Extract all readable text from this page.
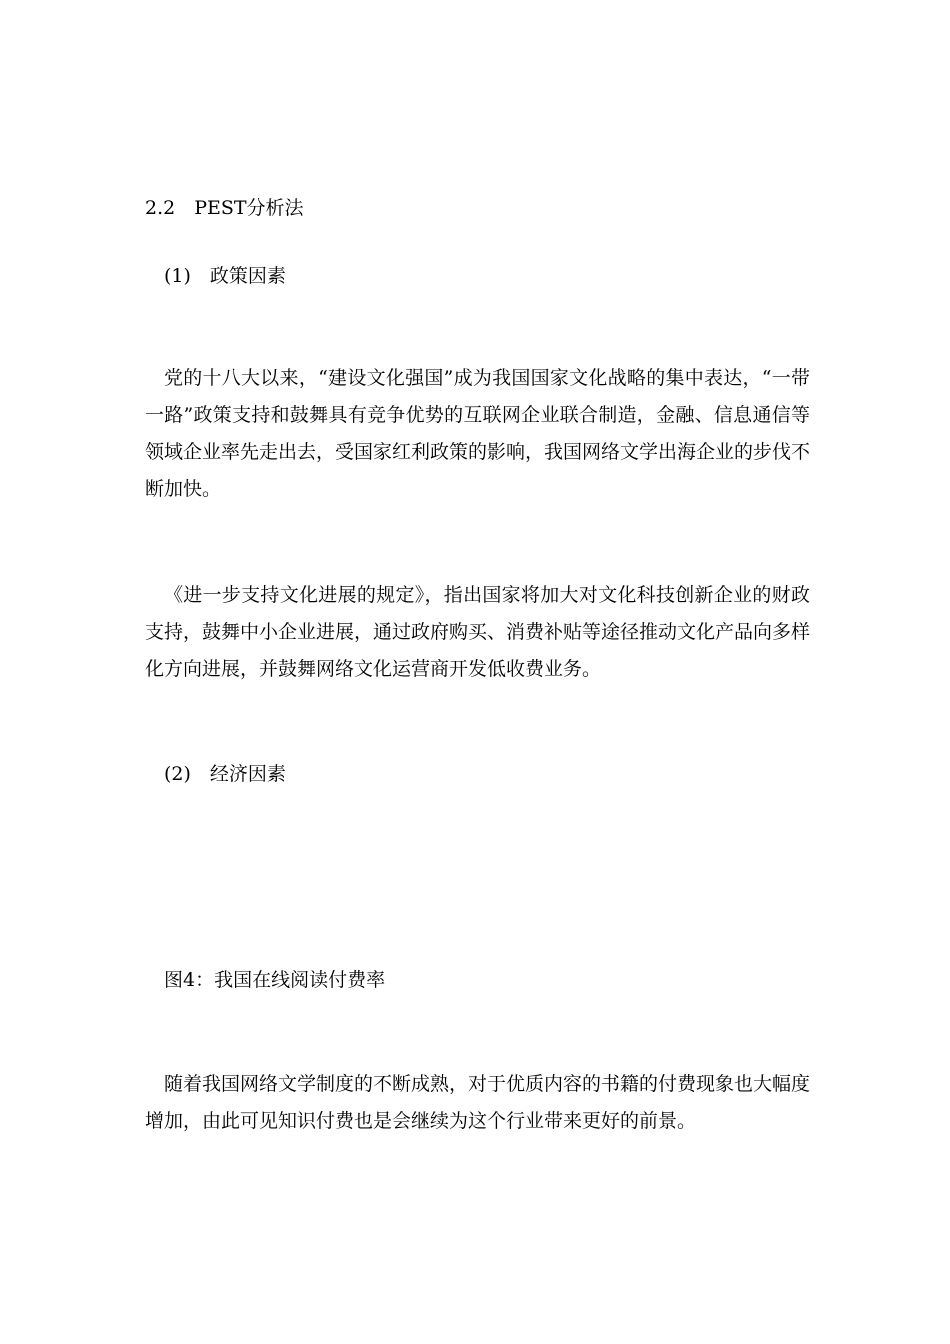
2.2　PEST分析法

(1)　政策因素

党的十八大以来，“建设文化强国”成为我国国家文化战略的集中表达，“一带一路”政策支持和鼓舞具有竞争优势的互联网企业联合制造，金融、信息通信等领域企业率先走出去，受国家红利政策的影响，我国网络文学出海企业的步伐不断加快。

《进一步支持文化进展的规定》，指出国家将加大对文化科技创新企业的财政支持，鼓舞中小企业进展，通过政府购买、消费补贴等途径推动文化产品向多样化方向进展，并鼓舞网络文化运营商开发低收费业务。

(2)　经济因素

图4：我国在线阅读付费率

随着我国网络文学制度的不断成熟，对于优质内容的书籍的付费现象也大幅度增加，由此可见知识付费也是会继续为这个行业带来更好的前景。
